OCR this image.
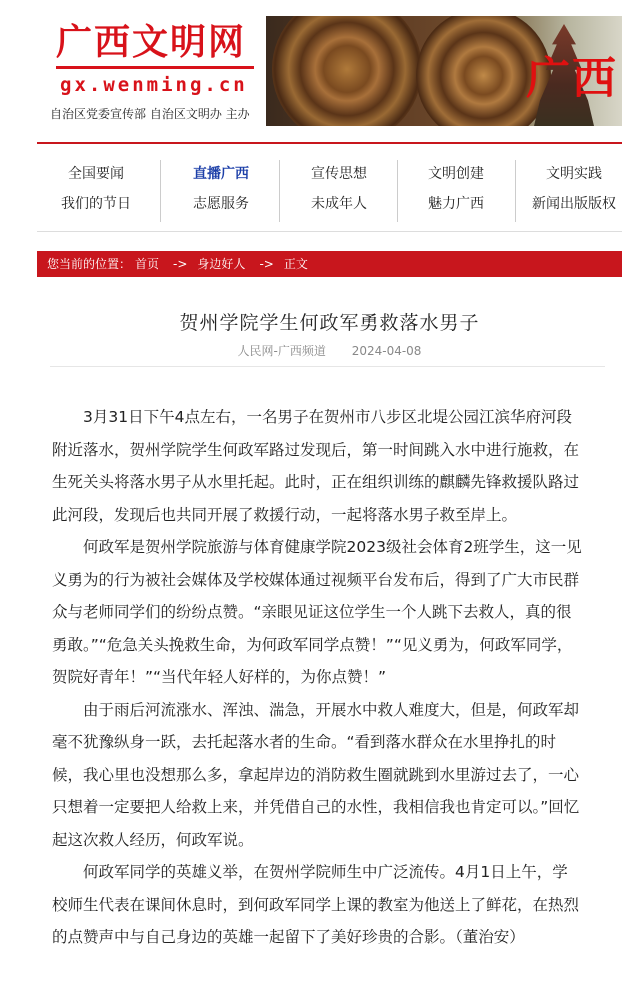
广西文明网
gx.wenming.cn
自治区党委宣传部 自治区文明办 主办
广西
全国要闻
我们的节日
直播广西
志愿服务
宣传思想
未成年人
文明创建
魅力广西
文明实践
新闻出版版权
您当前的位置： 首页 -> 身边好人 -> 正文
贺州学院学生何政军勇救落水男子
人民网-广西频道 2024-04-08

3月31日下午4点左右，一名男子在贺州市八步区北堤公园江滨华府河段附近落水，贺州学院学生何政军路过发现后，第一时间跳入水中进行施救，在生死关头将落水男子从水里托起。此时，正在组织训练的麒麟先锋救援队路过此河段，发现后也共同开展了救援行动，一起将落水男子救至岸上。

何政军是贺州学院旅游与体育健康学院2023级社会体育2班学生，这一见义勇为的行为被社会媒体及学校媒体通过视频平台发布后，得到了广大市民群众与老师同学们的纷纷点赞。“亲眼见证这位学生一个人跳下去救人，真的很勇敢。”“危急关头挽救生命，为何政军同学点赞！”“见义勇为，何政军同学，贺院好青年！”“当代年轻人好样的，为你点赞！”

由于雨后河流涨水、浑浊、湍急，开展水中救人难度大，但是，何政军却毫不犹豫纵身一跃，去托起落水者的生命。“看到落水群众在水里挣扎的时候，我心里也没想那么多，拿起岸边的消防救生圈就跳到水里游过去了，一心只想着一定要把人给救上来，并凭借自己的水性，我相信我也肯定可以。”回忆起这次救人经历，何政军说。

何政军同学的英雄义举，在贺州学院师生中广泛流传。4月1日上午，学校师生代表在课间休息时，到何政军同学上课的教室为他送上了鲜花，在热烈的点赞声中与自己身边的英雄一起留下了美好珍贵的合影。（董治安）
